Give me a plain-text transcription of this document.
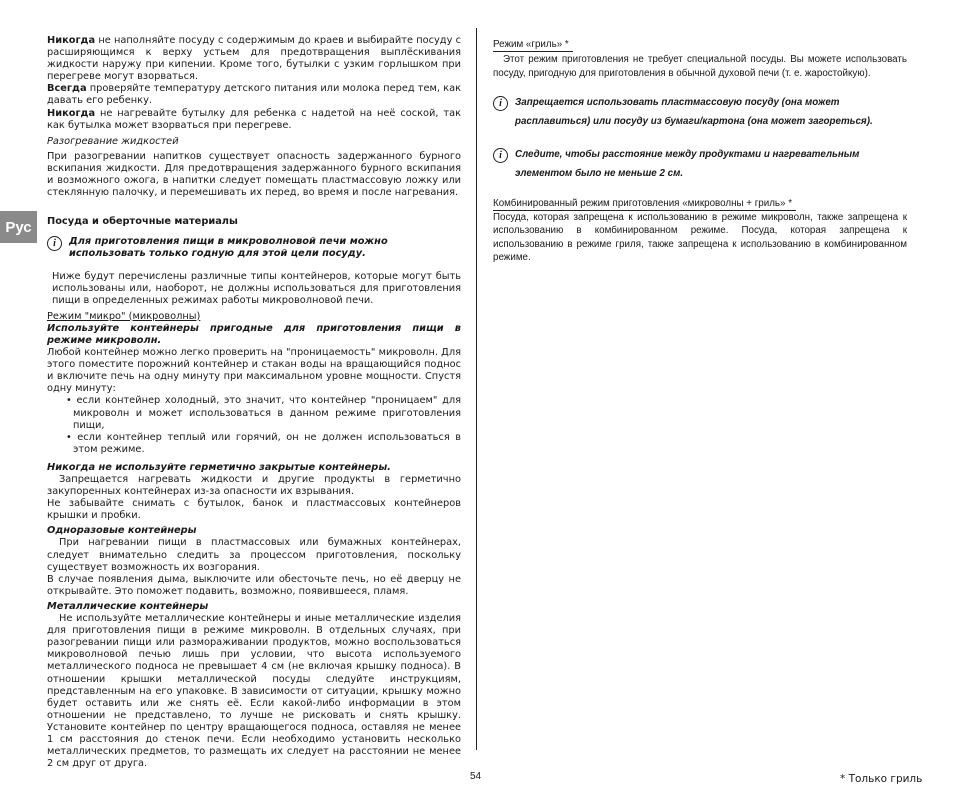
Рус

Никогда не наполняйте посуду с содержимым до краев и выбирайте посуду с расширяющимся к верху устьем для предотвращения выплёскивания жидкости наружу при кипении. Кроме того, бутылки с узким горлышком при перегреве могут взорваться.

Всегда проверяйте температуру детского питания или молока перед тем, как давать его ребенку.

Никогда не нагревайте бутылку для ребенка с надетой на неё соской, так как бутылка может взорваться при перегреве.

Разогревание жидкостей

При разогревании напитков существует опасность задержанного бурного вскипания жидкости. Для предотвращения задержанного бурного вскипания и возможного ожога, в напитки следует помещать пластмассовую ложку или стеклянную палочку, и перемешивать их перед, во время и после нагревания.

Посуда и оберточные материалы

i	Для приготовления пищи в микроволновой печи можно использовать только годную для этой цели посуду.

Ниже будут перечислены различные типы контейнеров, которые могут быть использованы или, наоборот, не должны использоваться для приготовления пищи в определенных режимах работы микроволновой печи.

Режим "микро" (микроволны)

Используйте контейнеры пригодные для приготовления пищи в режиме микроволн.

Любой контейнер можно легко проверить на "проницаемость" микроволн. Для этого поместите порожний контейнер и стакан воды на вращающийся поднос и включите печь на одну минуту при максимальном уровне мощности. Спустя одну минуту:

• если контейнер холодный, это значит, что контейнер "проницаем" для микроволн и может использоваться в данном режиме приготовления пищи,

• если контейнер теплый или горячий, он не должен использоваться в этом режиме.

Никогда не используйте герметично закрытые контейнеры.

Запрещается нагревать жидкости и другие продукты в герметично закупоренных контейнерах из-за опасности их взрывания.

Не забывайте снимать с бутылок, банок и пластмассовых контейнеров крышки и пробки.

Одноразовые контейнеры

При нагревании пищи в пластмассовых или бумажных контейнерах, следует внимательно следить за процессом приготовления, поскольку существует возможность их возгорания.

В случае появления дыма, выключите или обесточьте печь, но её дверцу не открывайте. Это поможет подавить, возможно, появившееся, пламя.

Металлические контейнеры

Не используйте металлические контейнеры и иные металлические изделия для приготовления пищи в режиме микроволн. В отдельных случаях, при разогревании пищи или размораживании продуктов, можно воспользоваться микроволновой печью лишь при условии, что высота используемого металлического подноса не превышает 4 см (не включая крышку подноса). В отношении крышки металлической посуды следуйте инструкциям, представленным на его упаковке. В зависимости от ситуации, крышку можно будет оставить или же снять её. Если какой-либо информации в этом отношении не представлено, то лучше не рисковать и снять крышку. Установите контейнер по центру вращающегося подноса, оставляя не менее 1 см расстояния до стенок печи. Если необходимо установить несколько металлических предметов, то размещать их следует на расстоянии не менее 2 см друг от друга.

Режим «гриль» *

Этот режим приготовления не требует специальной посуды. Вы можете использовать посуду, пригодную для приготовления в обычной духовой печи (т. е. жаростойкую).

i	Запрещается использовать пластмассовую посуду (она может расплавиться) или посуду из бумаги/картона (она может загореться).
i	Следите, чтобы расстояние между продуктами и нагревательным элементом было не меньше 2 см.
Комбинированный режим приготовления «микроволны + гриль» *

Посуда, которая запрещена к использованию в режиме микроволн, также запрещена к использованию в комбинированном режиме. Посуда, которая запрещена к использованию в режиме гриля, также запрещена к использованию в комбинированном режиме.

54	* Только гриль
